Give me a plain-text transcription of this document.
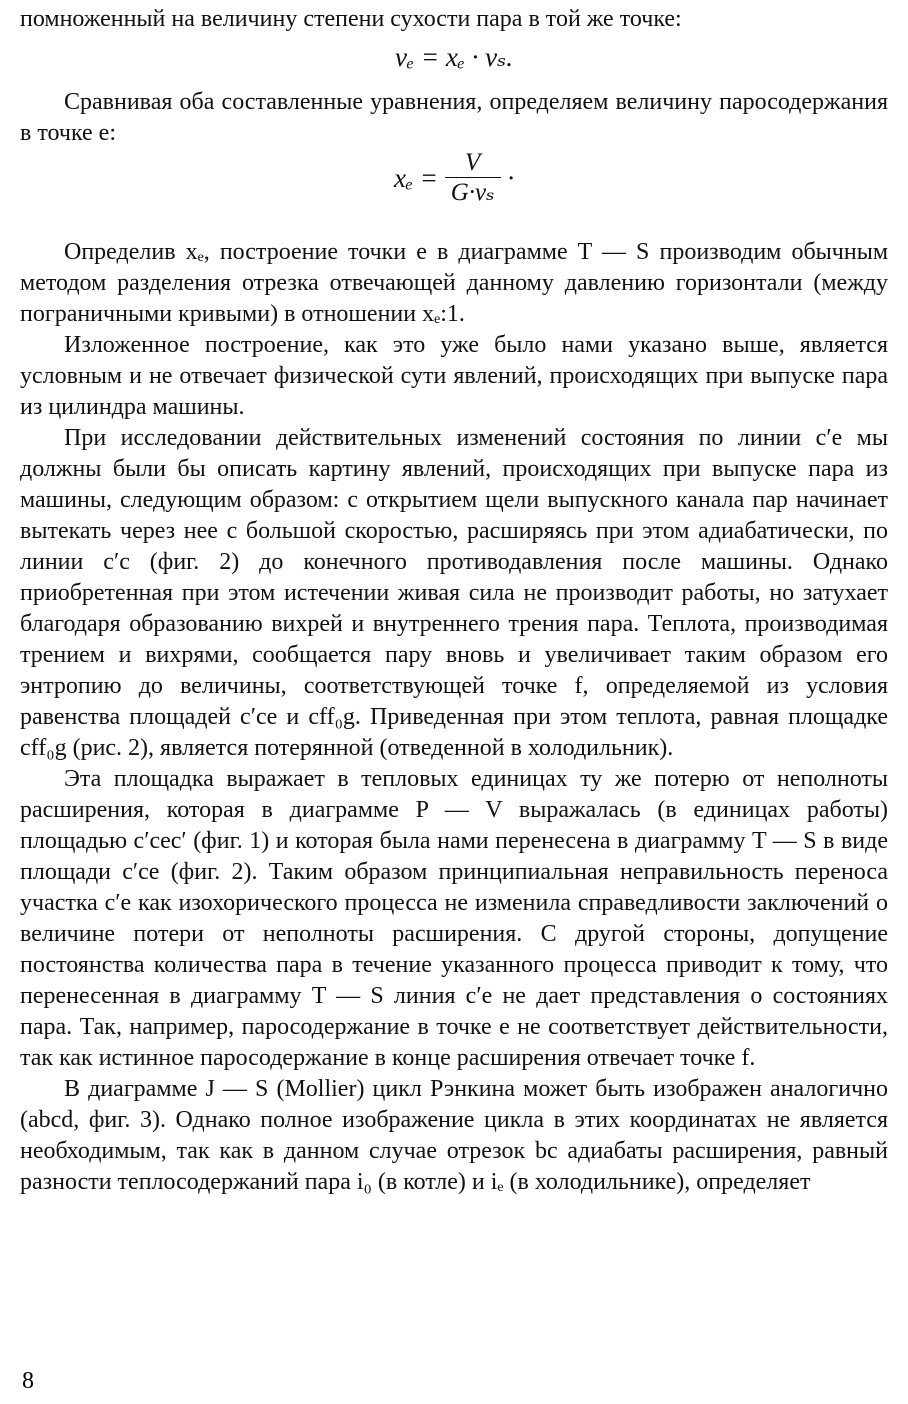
помноженный на величину степени сухости пара в той же точке:

vₑ = xₑ · vₛ.

Сравнивая оба составленные уравнения, определяем величину паросодержания в точке e:

$x_e = \frac{V}{\text{G·vₛ}}$ ·

Определив xₑ, построение точки e в диаграмме T — S производим обычным методом разделения отрезка отвечающей данному давлению горизонтали (между пограничными кривыми) в отношении xₑ:1.

Изложенное построение, как это уже было нами указано выше, является условным и не отвечает физической сути явлений, происходящих при выпуске пара из цилиндра машины.

При исследовании действительных изменений состояния по линии c′e мы должны были бы описать картину явлений, происходящих при выпуске пара из машины, следующим образом: с открытием щели выпускного канала пар начинает вытекать через нее с большой скоростью, расширяясь при этом адиабатически, по линии c′c (фиг. 2) до конечного противодавления после машины. Однако приобретенная при этом истечении живая сила не производит работы, но затухает благодаря образованию вихрей и внутреннего трения пара. Теплота, производимая трением и вихрями, сообщается пару вновь и увеличивает таким образом его энтропию до величины, соответствующей точке f, определяемой из условия равенства площадей c′ce и cff₀g. Приведенная при этом теплота, равная площадке cff₀g (рис. 2), является потерянной (отведенной в холодильник).

Эта площадка выражает в тепловых единицах ту же потерю от неполноты расширения, которая в диаграмме P — V выражалась (в единицах работы) площадью c′cec′ (фиг. 1) и которая была нами перенесена в диаграмму T — S в виде площади c′ce (фиг. 2). Таким образом принципиальная неправильность переноса участка c′e как изохорического процесса не изменила справедливости заключений о величине потери от неполноты расширения. С другой стороны, допущение постоянства количества пара в течение указанного процесса приводит к тому, что перенесенная в диаграмму T — S линия c′e не дает представления о состояниях пара. Так, например, паросодержание в точке e не соответствует действительности, так как истинное паросодержание в конце расширения отвечает точке f.

В диаграмме J — S (Mollier) цикл Рэнкина может быть изображен аналогично (abcd, фиг. 3). Однако полное изображение цикла в этих координатах не является необходимым, так как в данном случае отрезок bc адиабаты расширения, равный разности теплосодержаний пара i₀ (в котле) и iₑ (в холодильнике), определяет

8
